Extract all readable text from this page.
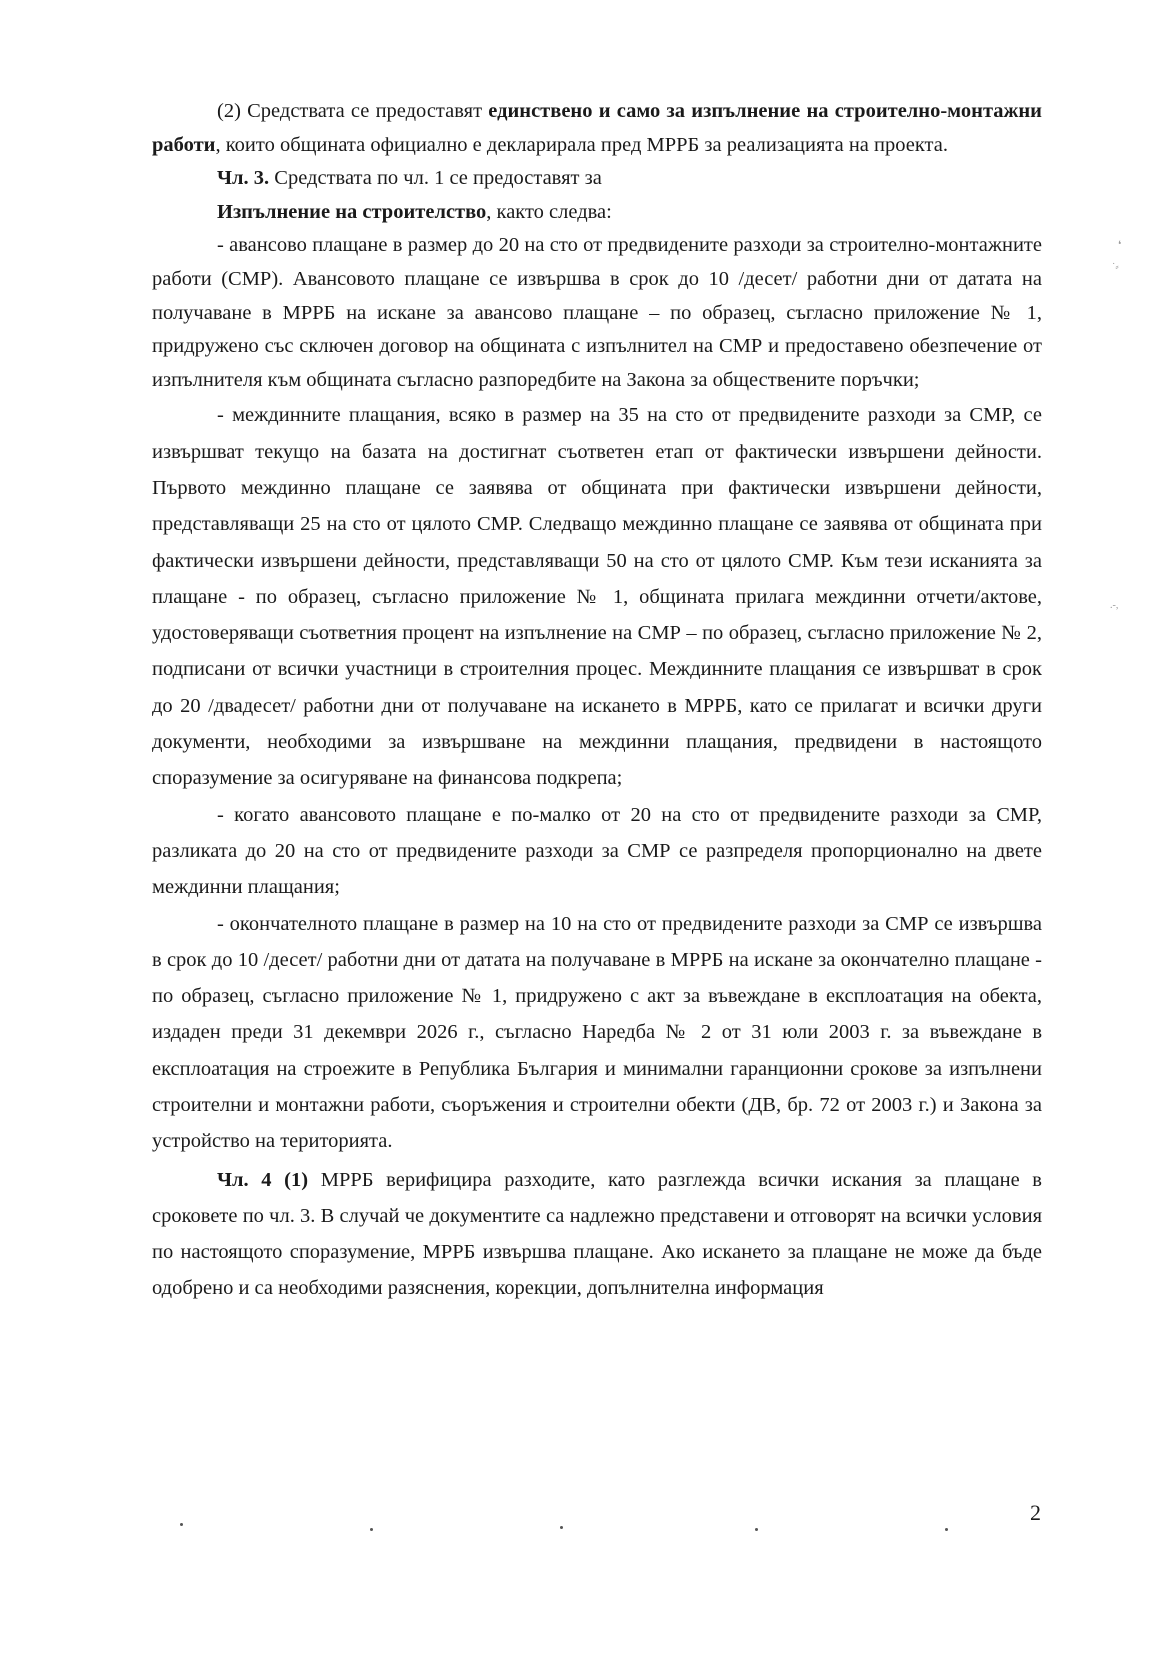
(2) Средствата се предоставят единствено и само за изпълнение на строително-монтажни работи, които общината официално е декларирала пред МРРБ за реализацията на проекта.

Чл. 3. Средствата по чл. 1 се предоставят за

Изпълнение на строителство, както следва:

- авансово плащане в размер до 20 на сто от предвидените разходи за строително-монтажните работи (СМР). Авансовото плащане се извършва в срок до 10 /десет/ работни дни от датата на получаване в МРРБ на искане за авансово плащане – по образец, съгласно приложение № 1, придружено със сключен договор на общината с изпълнител на СМР и предоставено обезпечение от изпълнителя към общината съгласно разпоредбите на Закона за обществените поръчки;

- междинните плащания, всяко в размер на 35 на сто от предвидените разходи за СМР, се извършват текущо на базата на достигнат съответен етап от фактически извършени дейности. Първото междинно плащане се заявява от общината при фактически извършени дейности, представляващи 25 на сто от цялото СМР. Следващо междинно плащане се заявява от общината при фактически извършени дейности, представляващи 50 на сто от цялото СМР. Към тези исканията за плащане - по образец, съгласно приложение № 1, общината прилага междинни отчети/актове, удостоверяващи съответния процент на изпълнение на СМР – по образец, съгласно приложение № 2, подписани от всички участници в строителния процес. Междинните плащания се извършват в срок до 20 /двадесет/ работни дни от получаване на искането в МРРБ, като се прилагат и всички други документи, необходими за извършване на междинни плащания, предвидени в настоящото споразумение за осигуряване на финансова подкрепа;

- когато авансовото плащане е по-малко от 20 на сто от предвидените разходи за СМР, разликата до 20 на сто от предвидените разходи за СМР се разпределя пропорционално на двете междинни плащания;

- окончателното плащане в размер на 10 на сто от предвидените разходи за СМР се извършва в срок до 10 /десет/ работни дни от датата на получаване в МРРБ на искане за окончателно плащане - по образец, съгласно приложение № 1, придружено с акт за въвеждане в експлоатация на обекта, издаден преди 31 декември 2026 г., съгласно Наредба № 2 от 31 юли 2003 г. за въвеждане в експлоатация на строежите в Република България и минимални гаранционни срокове за изпълнени строителни и монтажни работи, съоръжения и строителни обекти (ДВ, бр. 72 от 2003 г.) и Закона за устройство на територията.

Чл. 4 (1) МРРБ верифицира разходите, като разглежда всички искания за плащане в сроковете по чл. 3. В случай че документите са надлежно представени и отговорят на всички условия по настоящото споразумение, МРРБ извършва плащане. Ако искането за плащане не може да бъде одобрено и са необходими разяснения, корекции, допълнителна информация

2
❛
˙⸗
.‐,
